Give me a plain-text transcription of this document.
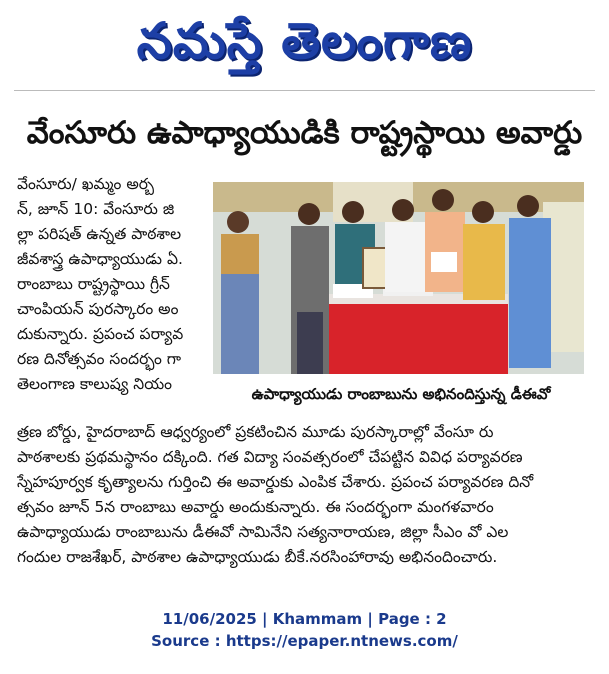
నమస్తే తెలంగాణ
వేంసూరు ఉపాధ్యాయుడికి రాష్ట్రస్థాయి అవార్డు
వేంసూరు/ ఖమ్మం అర్బ
న్, జూన్ 10: వేంసూరు జి
ల్లా పరిషత్ ఉన్నత పాఠశాల
జీవశాస్త్ర ఉపాధ్యాయుడు ఏ.
రాంబాబు రాష్ట్రస్థాయి గ్రీన్
చాంపియన్ పురస్కారం అం
దుకున్నారు. ప్రపంచ పర్యావ
రణ దినోత్సవం సందర్భం గా
తెలంగాణ కాలుష్య నియం
ఉపాధ్యాయుడు రాంబాబును అభినందిస్తున్న డీఈవో
త్రణ బోర్డు, హైదరాబాద్ ఆధ్వర్యంలో ప్రకటించిన మూడు పురస్కారాల్లో వేంసూ రు
పాఠశాలకు ప్రథమస్థానం దక్కింది. గత విద్యా సంవత్సరంలో చేపట్టిన వివిధ పర్యావరణ
స్నేహపూర్వక కృత్యాలను గుర్తించి ఈ అవార్డుకు ఎంపిక చేశారు. ప్రపంచ పర్యావరణ దినో
త్సవం జూన్ 5న రాంబాబు అవార్డు అందుకున్నారు. ఈ సందర్భంగా మంగళవారం
ఉపాధ్యాయుడు రాంబాబును డీఈవో సామినేని సత్యనారాయణ, జిల్లా సీఎం వో ఎల
గందుల రాజశేఖర్, పాఠశాల ఉపాధ్యాయుడు బీకే.నరసింహారావు అభినందించారు.
11/06/2025 | Khammam | Page : 2
Source : https://epaper.ntnews.com/
